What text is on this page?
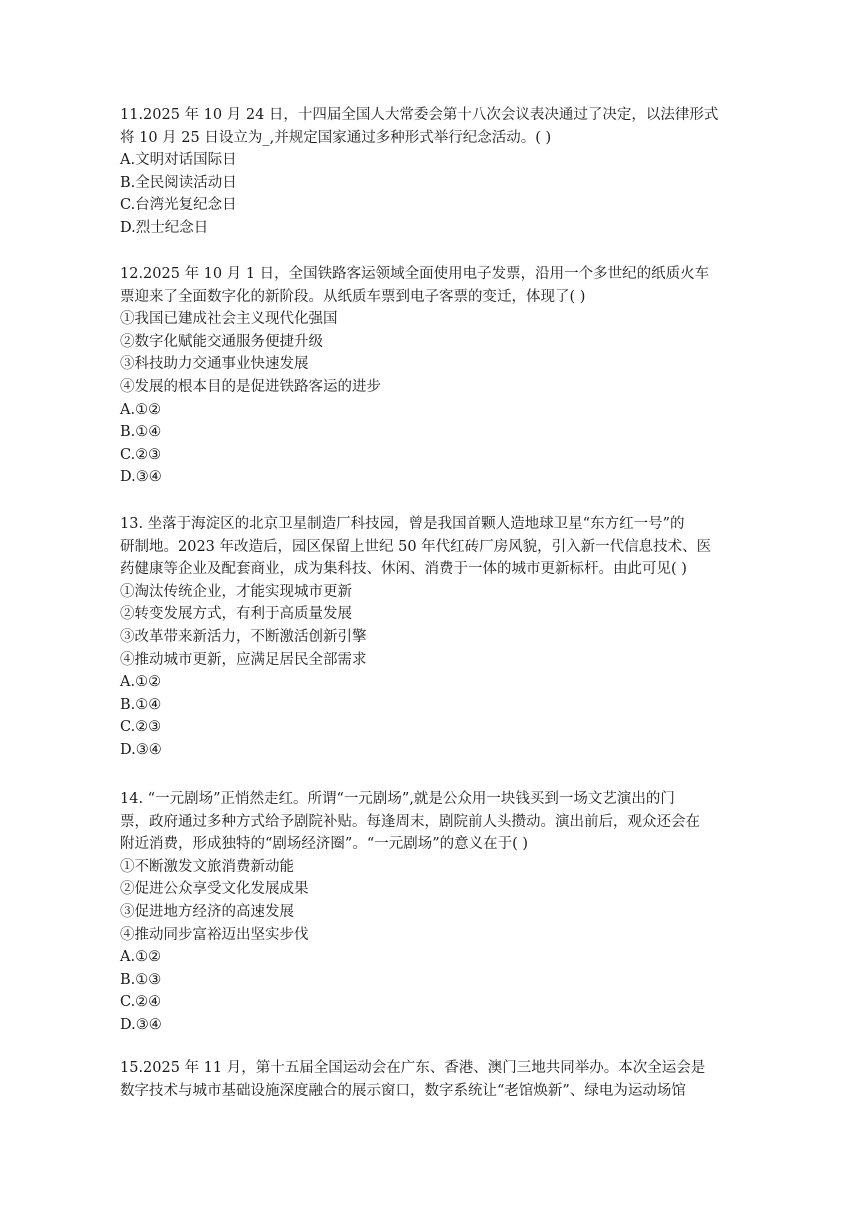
11.2025 年 10 月 24 日，十四届全国人大常委会第十八次会议表决通过了决定，以法律形式
将 10 月 25 日设立为_,并规定国家通过多种形式举行纪念活动。( )

A.文明对话国际日
B.全民阅读活动日
C.台湾光复纪念日
D.烈士纪念日

12.2025 年 10 月 1 日，全国铁路客运领域全面使用电子发票，沿用一个多世纪的纸质火车
票迎来了全面数字化的新阶段。从纸质车票到电子客票的变迁，体现了( )

①我国已建成社会主义现代化强国
②数字化赋能交通服务便捷升级
③科技助力交通事业快速发展
④发展的根本目的是促进铁路客运的进步
A.①②
B.①④
C.②③
D.③④

13. 坐落于海淀区的北京卫星制造厂科技园，曾是我国首颗人造地球卫星“东方红一号”的
研制地。2023 年改造后，园区保留上世纪 50 年代红砖厂房风貌，引入新一代信息技术、医
药健康等企业及配套商业，成为集科技、休闲、消费于一体的城市更新标杆。由此可见( )

①淘汰传统企业，才能实现城市更新
②转变发展方式，有利于高质量发展
③改革带来新活力，不断激活创新引擎
④推动城市更新，应满足居民全部需求
A.①②
B.①④
C.②③
D.③④

14. “一元剧场”正悄然走红。所谓“一元剧场”,就是公众用一块钱买到一场文艺演出的门
票，政府通过多种方式给予剧院补贴。每逢周末，剧院前人头攒动。演出前后，观众还会在
附近消费，形成独特的“剧场经济圈”。“一元剧场”的意义在于( )

①不断激发文旅消费新动能
②促进公众享受文化发展成果
③促进地方经济的高速发展
④推动同步富裕迈出坚实步伐
A.①②
B.①③
C.②④
D.③④

15.2025 年 11 月，第十五届全国运动会在广东、香港、澳门三地共同举办。本次全运会是
数字技术与城市基础设施深度融合的展示窗口，数字系统让“老馆焕新”、绿电为运动场馆
